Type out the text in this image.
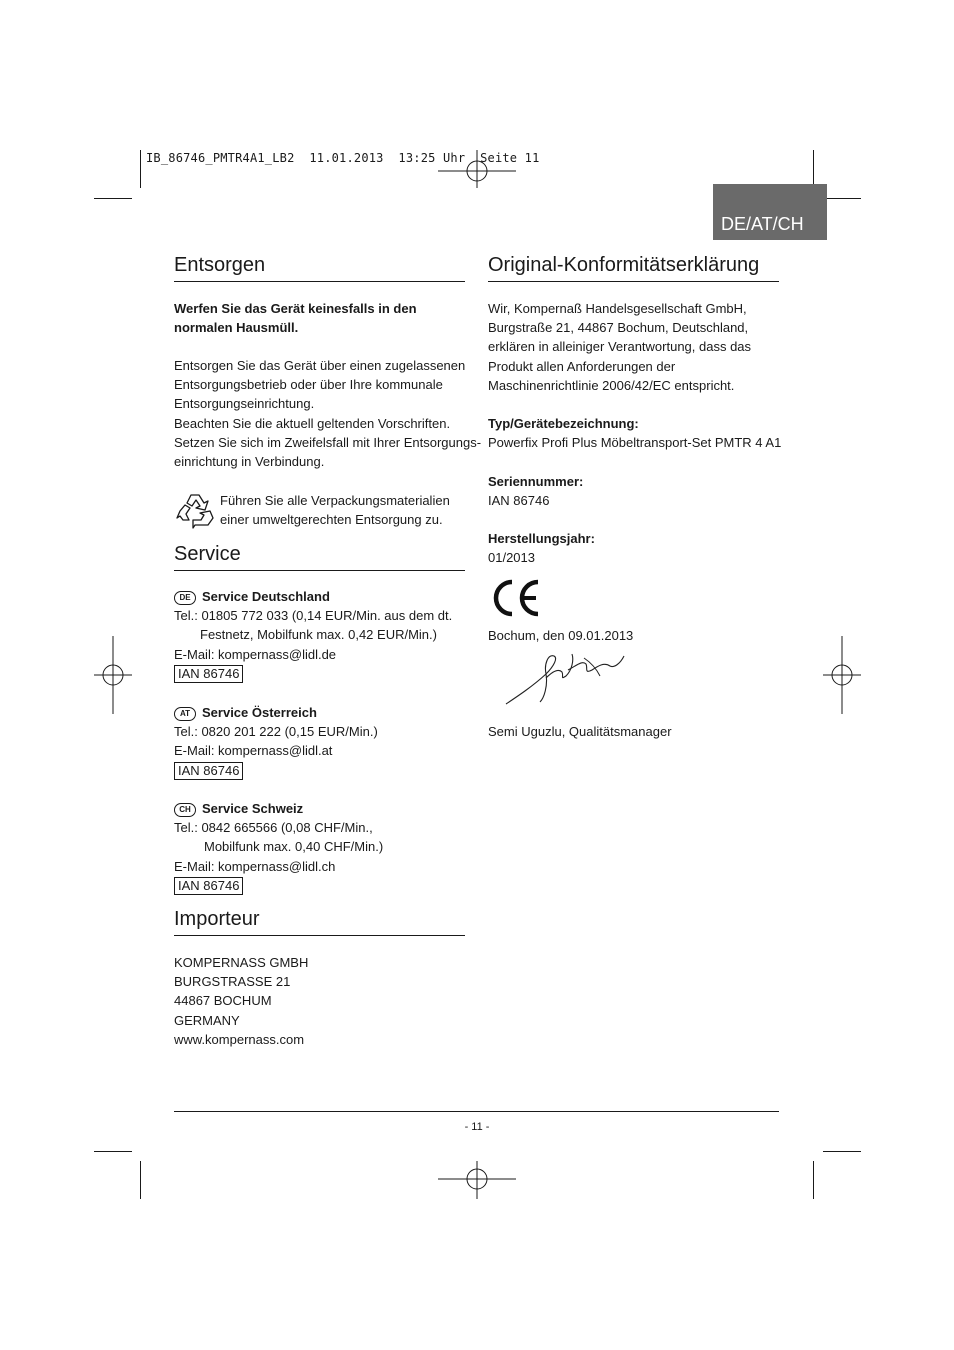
IB_86746_PMTR4A1_LB2  11.01.2013  13:25 Uhr  Seite 11
DE/AT/CH
Entsorgen
Werfen Sie das Gerät keinesfalls in den
normalen Hausmüll.
Entsorgen Sie das Gerät über einen zugelassenen
Entsorgungsbetrieb oder über Ihre kommunale
Entsorgungseinrichtung.
Beachten Sie die aktuell geltenden Vorschriften.
Setzen Sie sich im Zweifelsfall mit Ihrer Entsorgungs-
einrichtung in Verbindung.
Führen Sie alle Verpackungsmaterialien
einer umweltgerechten Entsorgung zu.
Service
DE Service Deutschland
Tel.: 01805 772 033 (0,14 EUR/Min. aus dem dt.
Festnetz, Mobilfunk max. 0,42 EUR/Min.)
E-Mail: kompernass@lidl.de
IAN 86746
AT Service Österreich
Tel.: 0820 201 222 (0,15 EUR/Min.)
E-Mail: kompernass@lidl.at
IAN 86746
CH Service Schweiz
Tel.: 0842 665566 (0,08 CHF/Min.,
Mobilfunk max. 0,40 CHF/Min.)
E-Mail: kompernass@lidl.ch
IAN 86746
Importeur
KOMPERNASS GMBH
BURGSTRASSE 21
44867 BOCHUM
GERMANY
www.kompernass.com
Original-Konformitätserklärung
Wir, Kompernaß Handelsgesellschaft GmbH,
Burgstraße 21, 44867 Bochum, Deutschland,
erklären in alleiniger Verantwortung, dass das
Produkt allen Anforderungen der
Maschinenrichtlinie 2006/42/EC entspricht.
Typ/Gerätebezeichnung:
Powerfix Profi Plus Möbeltransport-Set PMTR 4 A1
Seriennummer:
IAN 86746
Herstellungsjahr:
01/2013
Bochum, den 09.01.2013
Semi Uguzlu, Qualitätsmanager
- 11 -
